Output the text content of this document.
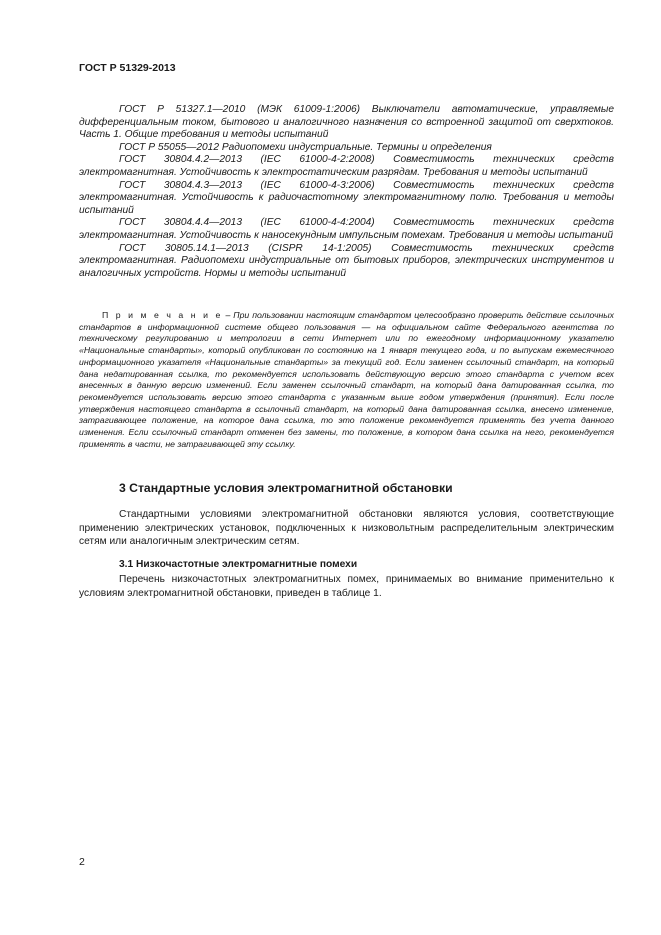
ГОСТ Р 51329-2013

ГОСТ Р 51327.1—2010 (МЭК 61009-1:2006) Выключатели автоматические, управляемые дифференциальным током, бытового и аналогичного назначения со встроенной защитой от сверхтоков. Часть 1. Общие требования и методы испытаний

ГОСТ Р 55055—2012 Радиопомехи индустриальные. Термины и определения

ГОСТ 30804.4.2—2013 (IEC 61000-4-2:2008) Совместимость технических средств электромагнитная. Устойчивость к электростатическим разрядам. Требования и методы испытаний

ГОСТ 30804.4.3—2013 (IEC 61000-4-3:2006) Совместимость технических средств электромагнитная. Устойчивость к радиочастотному электромагнитному полю. Требования и методы испытаний

ГОСТ 30804.4.4—2013 (IEC 61000-4-4:2004) Совместимость технических средств электромагнитная. Устойчивость к наносекундным импульсным помехам. Требования и методы испытаний

ГОСТ 30805.14.1—2013 (CISPR 14-1:2005) Совместимость технических средств электромагнитная. Радиопомехи индустриальные от бытовых приборов, электрических инструментов и аналогичных устройств. Нормы и методы испытаний

П р и м е ч а н и е – При пользовании настоящим стандартом целесообразно проверить действие ссылочных стандартов в информационной системе общего пользования — на официальном сайте Федерального агентства по техническому регулированию и метрологии в сети Интернет или по ежегодному информационному указателю «Национальные стандарты», который опубликован по состоянию на 1 января текущего года, и по выпускам ежемесячного информационного указателя «Национальные стандарты» за текущий год. Если заменен ссылочный стандарт, на который дана недатированная ссылка, то рекомендуется использовать действующую версию этого стандарта с учетом всех внесенных в данную версию изменений. Если заменен ссылочный стандарт, на который дана датированная ссылка, то рекомендуется использовать версию этого стандарта с указанным выше годом утверждения (принятия). Если после утверждения настоящего стандарта в ссылочный стандарт, на который дана датированная ссылка, внесено изменение, затрагивающее положение, на которое дана ссылка, то это положение рекомендуется применять без учета данного изменения. Если ссылочный стандарт отменен без замены, то положение, в котором дана ссылка на него, рекомендуется применять в части, не затрагивающей эту ссылку.

3 Стандартные условия электромагнитной обстановки

Стандартными условиями электромагнитной обстановки являются условия, соответствующие применению электрических установок, подключенных к низковольтным распределительным электрическим сетям или аналогичным электрическим сетям.

3.1 Низкочастотные электромагнитные помехи

Перечень низкочастотных электромагнитных помех, принимаемых во внимание применительно к условиям электромагнитной обстановки, приведен в таблице 1.

2
